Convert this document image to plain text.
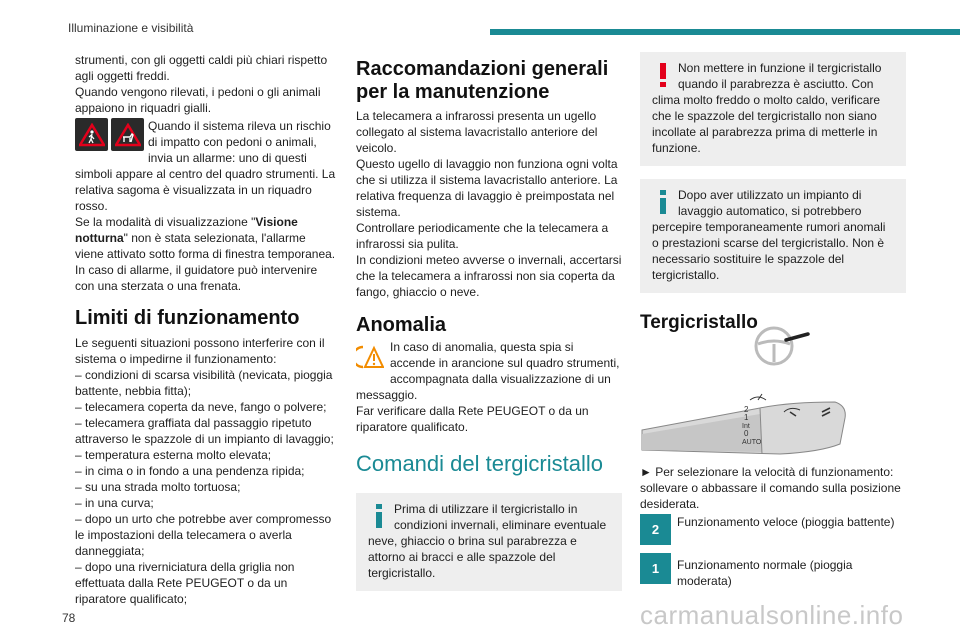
Illuminazione e visibilità

strumenti, con gli oggetti caldi più chiari rispetto agli oggetti freddi.

Quando vengono rilevati, i pedoni o gli animali appaiono in riquadri gialli.

Quando il sistema rileva un rischio di impatto con pedoni o animali, invia un allarme: uno di questi simboli appare al centro del quadro strumenti. La relativa sagoma è visualizzata in un riquadro rosso.

Se la modalità di visualizzazione "Visione notturna" non è stata selezionata, l'allarme viene attivato sotto forma di finestra temporanea.

In caso di allarme, il guidatore può intervenire con una sterzata o una frenata.

Limiti di funzionamento

Le seguenti situazioni possono interferire con il sistema o impedirne il funzionamento:

– condizioni di scarsa visibilità (nevicata, pioggia battente, nebbia fitta);

– telecamera coperta da neve, fango o polvere;

– telecamera graffiata dal passaggio ripetuto attraverso le spazzole di un impianto di lavaggio;

– temperatura esterna molto elevata;

– in cima o in fondo a una pendenza ripida;

– su una strada molto tortuosa;

– in una curva;

– dopo un urto che potrebbe aver compromesso le impostazioni della telecamera o averla danneggiata;

– dopo una riverniciatura della griglia non effettuata dalla Rete PEUGEOT o da un riparatore qualificato;

Raccomandazioni generali per la manutenzione

La telecamera a infrarossi presenta un ugello collegato al sistema lavacristallo anteriore del veicolo.

Questo ugello di lavaggio non funziona ogni volta che si utilizza il sistema lavacristallo anteriore. La relativa frequenza di lavaggio è preimpostata nel sistema.

Controllare periodicamente che la telecamera a infrarossi sia pulita.

In condizioni meteo avverse o invernali, accertarsi che la telecamera a infrarossi non sia coperta da fango, ghiaccio o neve.

Anomalia

In caso di anomalia, questa spia si accende in arancione sul quadro strumenti, accompagnata dalla visualizzazione di un messaggio.

Far verificare dalla Rete PEUGEOT o da un riparatore qualificato.

Comandi del tergicristallo

Prima di utilizzare il tergicristallo in condizioni invernali, eliminare eventuale neve, ghiaccio o brina sul parabrezza e attorno ai bracci e alle spazzole del tergicristallo.

Non mettere in funzione il tergicristallo quando il parabrezza è asciutto. Con clima molto freddo o molto caldo, verificare che le spazzole del tergicristallo non siano incollate al parabrezza prima di metterle in funzione.

Dopo aver utilizzato un impianto di lavaggio automatico, si potrebbero percepire temporaneamente rumori anomali o prestazioni scarse del tergicristallo. Non è necessario sostituire le spazzole del tergicristallo.

Tergicristallo
2
1
Int
0
AUTO

► Per selezionare la velocità di funzionamento: sollevare o abbassare il comando sulla posizione desiderata.

2	Funzionamento veloce (pioggia battente)

1	Funzionamento normale (pioggia moderata)

78	carmanualsonline.info
